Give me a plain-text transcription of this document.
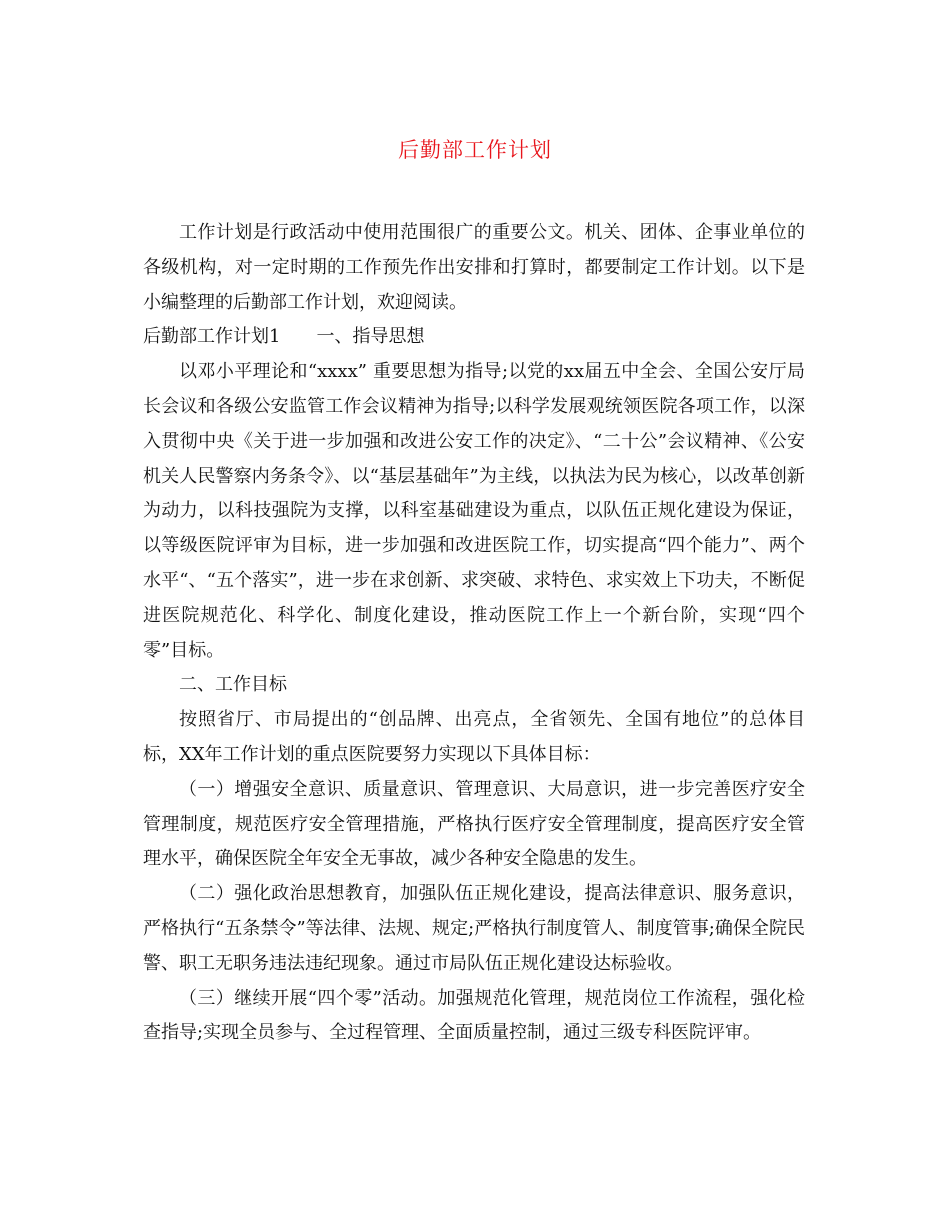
后勤部工作计划

工作计划是行政活动中使用范围很广的重要公文。机关、团体、企事业单位的各级机构，对一定时期的工作预先作出安排和打算时，都要制定工作计划。以下是小编整理的后勤部工作计划，欢迎阅读。

后勤部工作计划1 一、指导思想

以邓小平理论和“xxxx” 重要思想为指导;以党的xx届五中全会、全国公安厅局长会议和各级公安监管工作会议精神为指导;以科学发展观统领医院各项工作，以深入贯彻中央《关于进一步加强和改进公安工作的决定》、“二十公”会议精神、《公安机关人民警察内务条令》、以“基层基础年”为主线，以执法为民为核心，以改革创新为动力，以科技强院为支撑，以科室基础建设为重点，以队伍正规化建设为保证，以等级医院评审为目标，进一步加强和改进医院工作，切实提高“四个能力”、两个水平“、“五个落实”，进一步在求创新、求突破、求特色、求实效上下功夫，不断促进医院规范化、科学化、制度化建设，推动医院工作上一个新台阶，实现“四个零”目标。

二、工作目标

按照省厅、市局提出的“创品牌、出亮点，全省领先、全国有地位”的总体目标，XX年工作计划的重点医院要努力实现以下具体目标：

（一）增强安全意识、质量意识、管理意识、大局意识，进一步完善医疗安全管理制度，规范医疗安全管理措施，严格执行医疗安全管理制度，提高医疗安全管理水平，确保医院全年安全无事故，减少各种安全隐患的发生。

（二）强化政治思想教育，加强队伍正规化建设，提高法律意识、服务意识，严格执行“五条禁令”等法律、法规、规定;严格执行制度管人、制度管事;确保全院民警、职工无职务违法违纪现象。通过市局队伍正规化建设达标验收。

（三）继续开展“四个零”活动。加强规范化管理，规范岗位工作流程，强化检查指导;实现全员参与、全过程管理、全面质量控制，通过三级专科医院评审。
